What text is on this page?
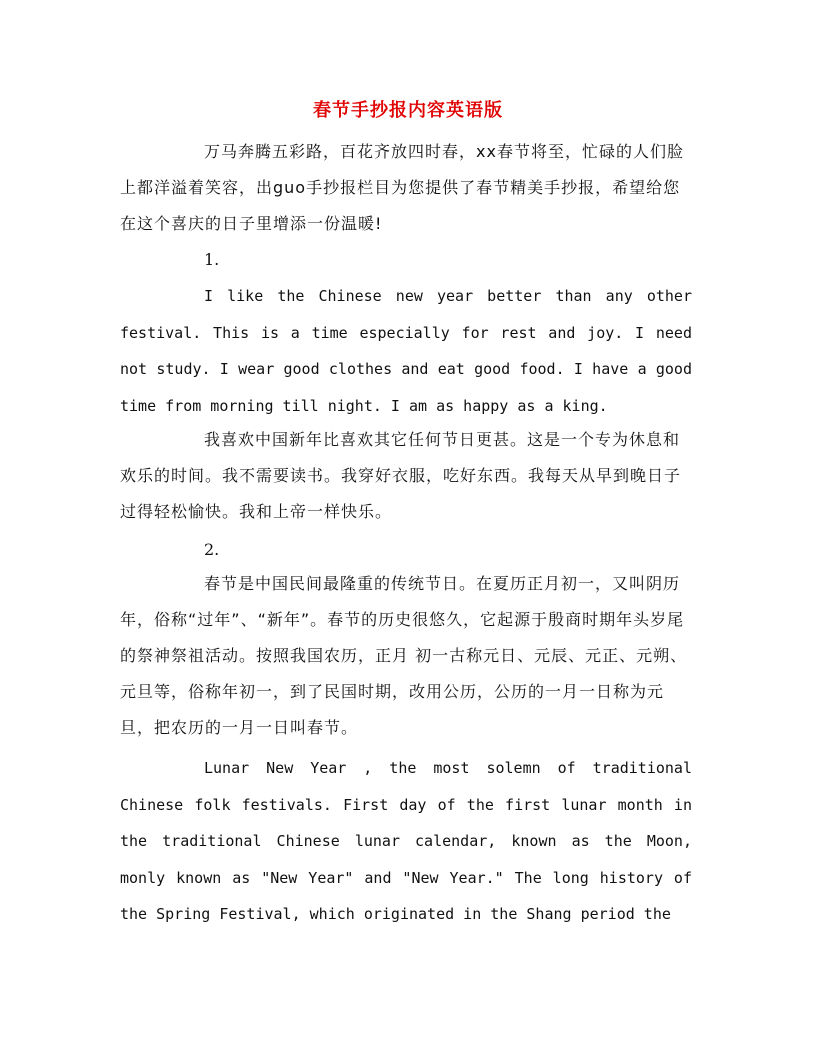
春节手抄报内容英语版

万马奔腾五彩路，百花齐放四时春，xx春节将至，忙碌的人们脸上都洋溢着笑容，出guo手抄报栏目为您提供了春节精美手抄报，希望给您在这个喜庆的日子里增添一份温暖!

1.

I like the Chinese new year better than any other festival. This is a time especially for rest and joy. I need not study. I wear good clothes and eat good food. I have a good time from morning till night. I am as happy as a king.

我喜欢中国新年比喜欢其它任何节日更甚。这是一个专为休息和欢乐的时间。我不需要读书。我穿好衣服，吃好东西。我每天从早到晚日子过得轻松愉快。我和上帝一样快乐。

2.

春节是中国民间最隆重的传统节日。在夏历正月初一，又叫阴历年，俗称“过年”、“新年”。春节的历史很悠久，它起源于殷商时期年头岁尾的祭神祭祖活动。按照我国农历，正月 初一古称元日、元辰、元正、元朔、元旦等，俗称年初一，到了民国时期，改用公历，公历的一月一日称为元旦，把农历的一月一日叫春节。

Lunar New Year , the most solemn of traditional Chinese folk festivals. First day of the first lunar month in the traditional Chinese lunar calendar, known as the Moon, monly known as "New Year" and "New Year." The long history of the Spring Festival, which originated in the Shang period the
